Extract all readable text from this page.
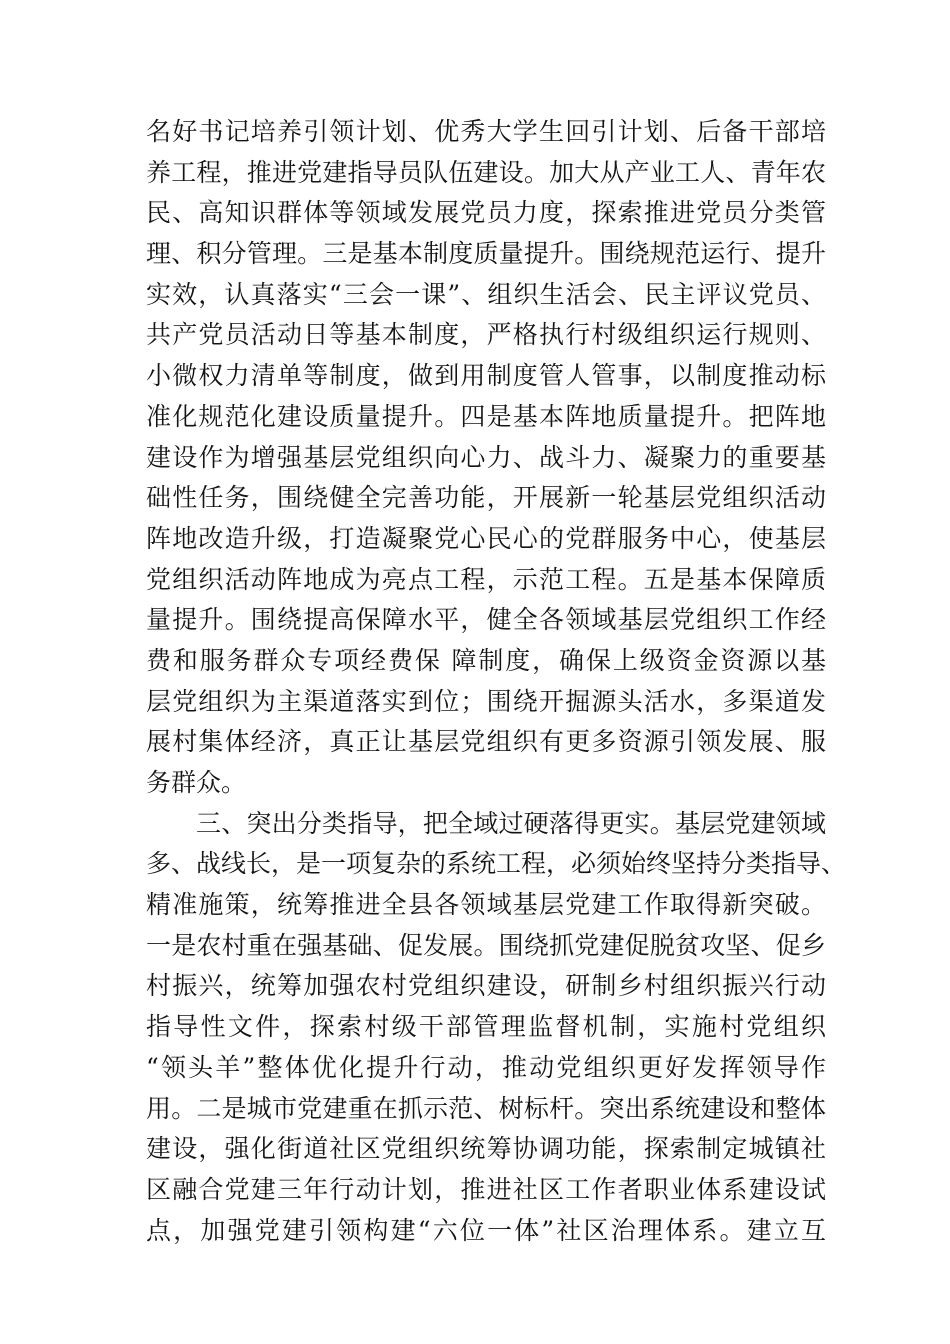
名好书记培养引领计划、优秀大学生回引计划、后备干部培
养工程，推进党建指导员队伍建设。加大从产业工人、青年农
民、高知识群体等领域发展党员力度，探索推进党员分类管
理、积分管理。三是基本制度质量提升。围绕规范运行、提升
实效，认真落实“三会一课”、组织生活会、民主评议党员、
共产党员活动日等基本制度，严格执行村级组织运行规则、
小微权力清单等制度，做到用制度管人管事，以制度推动标
准化规范化建设质量提升。四是基本阵地质量提升。把阵地
建设作为增强基层党组织向心力、战斗力、凝聚力的重要基
础性任务，围绕健全完善功能，开展新一轮基层党组织活动
阵地改造升级，打造凝聚党心民心的党群服务中心，使基层
党组织活动阵地成为亮点工程，示范工程。五是基本保障质
量提升。围绕提高保障水平，健全各领域基层党组织工作经
费和服务群众专项经费保 障制度，确保上级资金资源以基
层党组织为主渠道落实到位；围绕开掘源头活水，多渠道发
展村集体经济，真正让基层党组织有更多资源引领发展、服
务群众。
三、突出分类指导，把全域过硬落得更实。基层党建领域
多、战线长，是一项复杂的系统工程，必须始终坚持分类指导、
精准施策，统筹推进全县各领域基层党建工作取得新突破。
一是农村重在强基础、促发展。围绕抓党建促脱贫攻坚、促乡
村振兴，统筹加强农村党组织建设，研制乡村组织振兴行动
指导性文件，探索村级干部管理监督机制，实施村党组织
“领头羊”整体优化提升行动，推动党组织更好发挥领导作
用。二是城市党建重在抓示范、树标杆。突出系统建设和整体
建设，强化街道社区党组织统筹协调功能，探索制定城镇社
区融合党建三年行动计划，推进社区工作者职业体系建设试
点，加强党建引领构建“六位一体”社区治理体系。建立互
